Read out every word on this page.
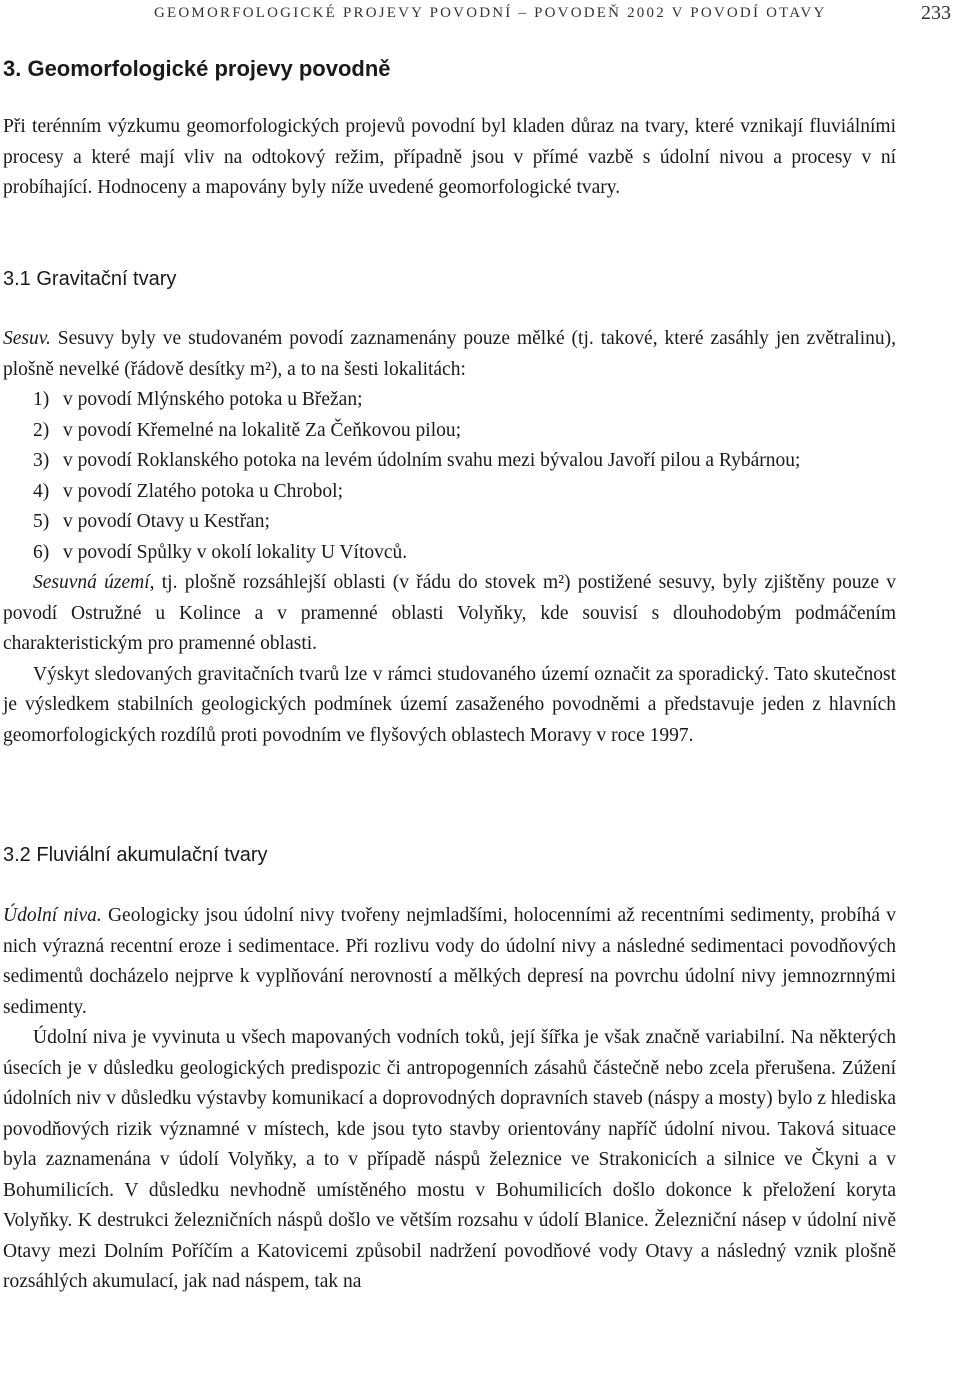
GEOMORFOLOGICKÉ PROJEVY POVODNÍ – POVODEŇ 2002 V POVODÍ OTAVY	233
3. Geomorfologické projevy povodně

Při terénním výzkumu geomorfologických projevů povodní byl kladen důraz na tvary, které vznikají fluviálními procesy a které mají vliv na odtokový režim, případně jsou v přímé vazbě s údolní nivou a procesy v ní probíhající. Hodnoceny a mapovány byly níže uvedené geomorfologické tvary.

3.1 Gravitační tvary

Sesuv. Sesuvy byly ve studovaném povodí zaznamenány pouze mělké (tj. takové, které zasáhly jen zvětralinu), plošně nevelké (řádově desítky m²), a to na šesti lokalitách:

1) v povodí Mlýnského potoka u Břežan;
2) v povodí Křemelné na lokalitě Za Čeňkovou pilou;
3) v povodí Roklanského potoka na levém údolním svahu mezi bývalou Javoří pilou a Rybárnou;
4) v povodí Zlatého potoka u Chrobol;
5) v povodí Otavy u Kestřan;
6) v povodí Spůlky v okolí lokality U Vítovců.

Sesuvná území, tj. plošně rozsáhlejší oblasti (v řádu do stovek m²) postižené sesuvy, byly zjištěny pouze v povodí Ostružné u Kolince a v pramenné oblasti Volyňky, kde souvisí s dlouhodobým podmáčením charakteristickým pro pramenné oblasti.

Výskyt sledovaných gravitačních tvarů lze v rámci studovaného území označit za sporadický. Tato skutečnost je výsledkem stabilních geologických podmínek území zasaženého povodněmi a představuje jeden z hlavních geomorfologických rozdílů proti povodním ve flyšových oblastech Moravy v roce 1997.

3.2 Fluviální akumulační tvary

Údolní niva. Geologicky jsou údolní nivy tvořeny nejmladšími, holocenními až recentními sedimenty, probíhá v nich výrazná recentní eroze i sedimentace. Při rozlivu vody do údolní nivy a následné sedimentaci povodňových sedimentů docházelo nejprve k vyplňování nerovností a mělkých depresí na povrchu údolní nivy jemnozrnnými sedimenty.

Údolní niva je vyvinuta u všech mapovaných vodních toků, její šířka je však značně variabilní. Na některých úsecích je v důsledku geologických predispozic či antropogenních zásahů částečně nebo zcela přerušena. Zúžení údolních niv v důsledku výstavby komunikací a doprovodných dopravních staveb (náspy a mosty) bylo z hlediska povodňových rizik významné v místech, kde jsou tyto stavby orientovány napříč údolní nivou. Taková situace byla zaznamenána v údolí Volyňky, a to v případě náspů železnice ve Strakonicích a silnice ve Čkyni a v Bohumilicích. V důsledku nevhodně umístěného mostu v Bohumilicích došlo dokonce k přeložení koryta Volyňky. K destrukci železničních náspů došlo ve větším rozsahu v údolí Blanice. Železniční násep v údolní nivě Otavy mezi Dolním Poříčím a Katovicemi způsobil nadržení povodňové vody Otavy a následný vznik plošně rozsáhlých akumulací, jak nad náspem, tak na
